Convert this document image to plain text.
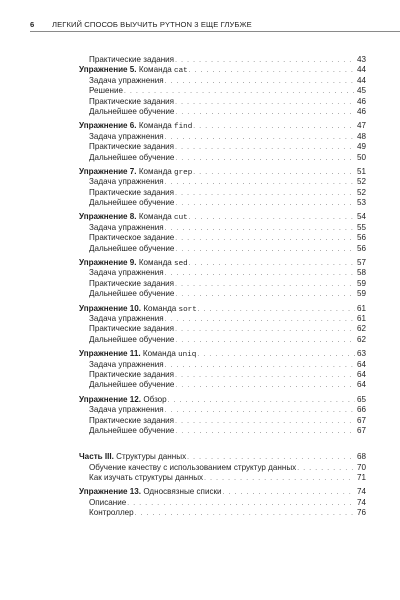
6 ЛЕГКИЙ СПОСОБ ВЫУЧИТЬ PYTHON 3 ЕЩЕ ГЛУБЖЕ
Практические задания . . .	43
Упражнение 5. Команда cat . . .	44
Задача упражнения . . .	44
Решение . . .	45
Практические задания . . .	46
Дальнейшее обучение . . .	46
Упражнение 6. Команда find . . .	47
Задача упражнения . . .	48
Практические задания . . .	49
Дальнейшее обучение . . .	50
Упражнение 7. Команда grep . . .	51
Задача упражнения . . .	52
Практические задания . . .	52
Дальнейшее обучение . . .	53
Упражнение 8. Команда cut . . .	54
Задача упражнения . . .	55
Практическое задание . . .	56
Дальнейшее обучение . . .	56
Упражнение 9. Команда sed . . .	57
Задача упражнения . . .	58
Практические задания . . .	59
Дальнейшее обучение . . .	59
Упражнение 10. Команда sort . . .	61
Задача упражнения . . .	61
Практические задания . . .	62
Дальнейшее обучение . . .	62
Упражнение 11. Команда uniq . . .	63
Задача упражнения . . .	64
Практические задания . . .	64
Дальнейшее обучение . . .	64
Упражнение 12. Обзор . . .	65
Задача упражнения . . .	66
Практические задания . . .	67
Дальнейшее обучение . . .	67
Часть III. Структуры данных . . .	68
Обучение качеству с использованием структур данных . . .	70
Как изучать структуры данных . . .	71
Упражнение 13. Односвязные списки . . .	74
Описание . . .	74
Контроллер . . .	76
